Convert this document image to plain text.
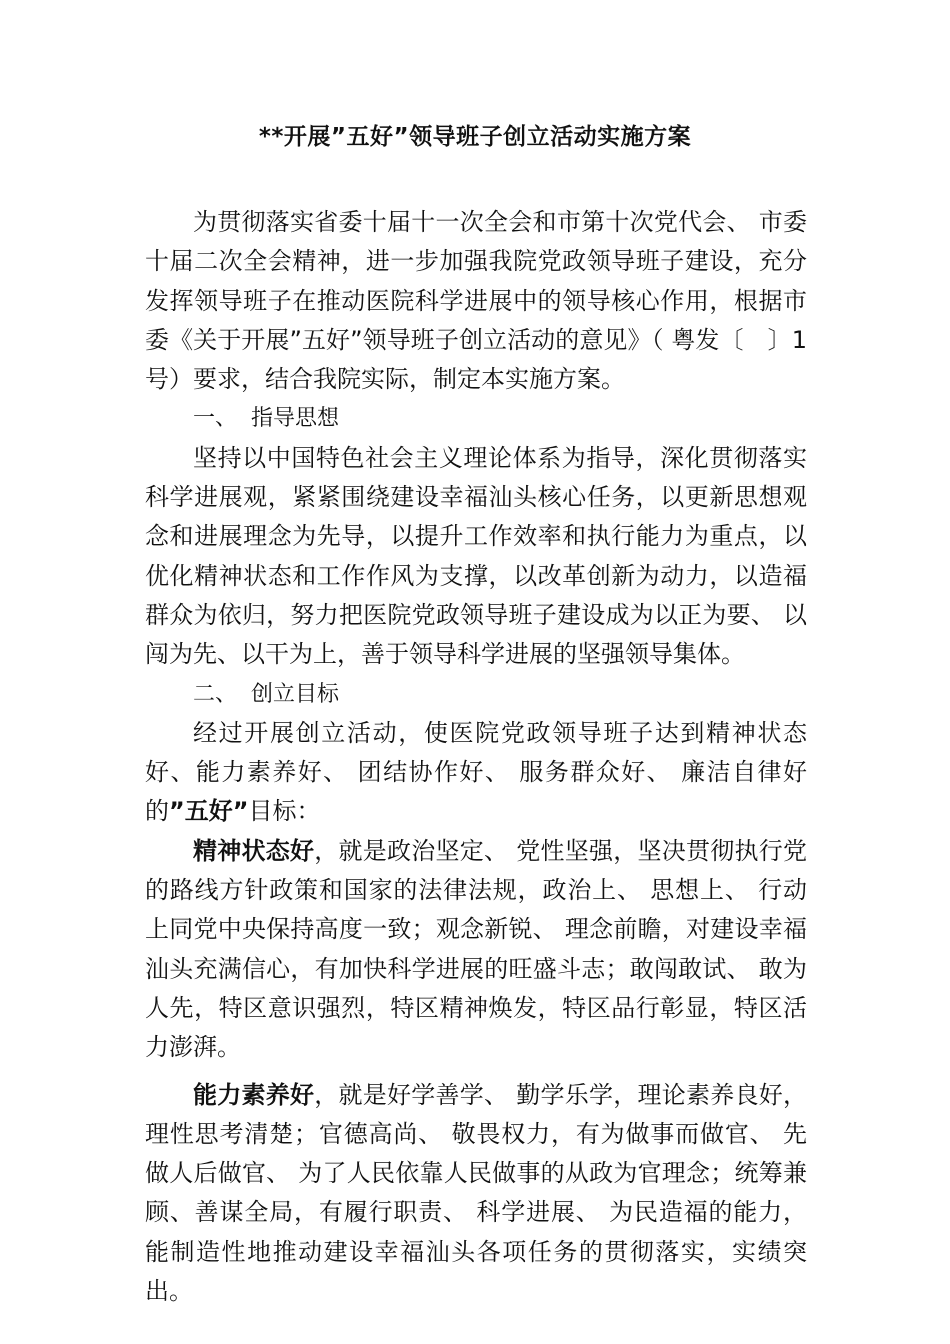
**开展”五好”领导班子创立活动实施方案

为贯彻落实省委十届十一次全会和市第十次党代会、 市委十届二次全会精神，进一步加强我院党政领导班子建设，充分发挥领导班子在推动医院科学进展中的领导核心作用，根据市委《关于开展”五好”领导班子创立活动的意见》（ 粤发〔　〕1号）要求，结合我院实际，制定本实施方案。

一、  指导思想

坚持以中国特色社会主义理论体系为指导，深化贯彻落实科学进展观，紧紧围绕建设幸福汕头核心任务，以更新思想观念和进展理念为先导，以提升工作效率和执行能力为重点，以优化精神状态和工作作风为支撑，以改革创新为动力，以造福群众为依归，努力把医院党政领导班子建设成为以正为要、 以闯为先、以干为上，善于领导科学进展的坚强领导集体。

二、  创立目标

经过开展创立活动，使医院党政领导班子达到精神状态好、能力素养好、 团结协作好、 服务群众好、 廉洁自律好的”五好”目标：

精神状态好，就是政治坚定、 党性坚强，坚决贯彻执行党的路线方针政策和国家的法律法规，政治上、 思想上、 行动上同党中央保持高度一致；观念新锐、 理念前瞻，对建设幸福汕头充满信心，有加快科学进展的旺盛斗志；敢闯敢试、 敢为人先，特区意识强烈，特区精神焕发，特区品行彰显，特区活力澎湃。

能力素养好，就是好学善学、 勤学乐学，理论素养良好，理性思考清楚；官德高尚、 敬畏权力，有为做事而做官、 先做人后做官、 为了人民依靠人民做事的从政为官理念；统筹兼顾、善谋全局，有履行职责、 科学进展、 为民造福的能力，能制造性地推动建设幸福汕头各项任务的贯彻落实，实绩突出。
